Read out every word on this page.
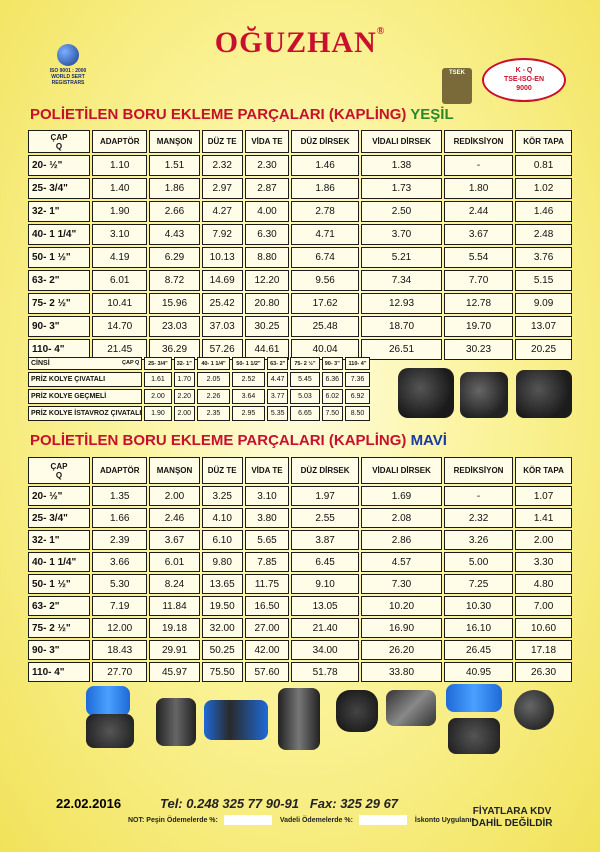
OĞUZHAN®
ISO 9001 : 2000
WORLD SERT
REGISTRARS
TSEK	K - Q
TSE-ISO-EN
9000
POLİETİLEN BORU EKLEME PARÇALARI (KAPLİNG) YEŞİL
ÇAP
Q	ADAPTÖR	MANŞON	DÜZ TE	VİDA TE	DÜZ DİRSEK	VİDALI DİRSEK	REDİKSİYON	KÖR TAPA
20- ½"	1.10	1.51	2.32	2.30	1.46	1.38	-	0.81
25- 3/4"	1.40	1.86	2.97	2.87	1.86	1.73	1.80	1.02
32- 1"	1.90	2.66	4.27	4.00	2.78	2.50	2.44	1.46
40- 1 1/4"	3.10	4.43	7.92	6.30	4.71	3.70	3.67	2.48
50- 1 ½"	4.19	6.29	10.13	8.80	6.74	5.21	5.54	3.76
63- 2"	6.01	8.72	14.69	12.20	9.56	7.34	7.70	5.15
75- 2 ½"	10.41	15.96	25.42	20.80	17.62	12.93	12.78	9.09
90- 3"	14.70	23.03	37.03	30.25	25.48	18.70	19.70	13.07
110- 4"	21.45	36.29	57.26	44.61	40.04	26.51	30.23	20.25
CİNSİ ÇAP Q	25- 3/4"	32- 1"	40- 1 1/4"	50- 1 1/2"	63- 2"	75- 2 ½"	90- 3"	110- 4"
PRİZ KOLYE ÇIVATALI	1.61	1.70	2.05	2.52	4.47	5.45	6.36	7.36
PRİZ KOLYE GEÇMELİ	2.00	2.20	2.26	3.64	3.77	5.03	6.02	6.92
PRİZ KOLYE İSTAVROZ ÇIVATALI	1.90	2.00	2.35	2.95	5.35	6.65	7.50	8.50
POLİETİLEN BORU EKLEME PARÇALARI (KAPLİNG) MAVİ
ÇAP
Q	ADAPTÖR	MANŞON	DÜZ TE	VİDA TE	DÜZ DİRSEK	VİDALI DİRSEK	REDİKSİYON	KÖR TAPA
20- ½"	1.35	2.00	3.25	3.10	1.97	1.69	-	1.07
25- 3/4"	1.66	2.46	4.10	3.80	2.55	2.08	2.32	1.41
32- 1"	2.39	3.67	6.10	5.65	3.87	2.86	3.26	2.00
40- 1 1/4"	3.66	6.01	9.80	7.85	6.45	4.57	5.00	3.30
50- 1 ½"	5.30	8.24	13.65	11.75	9.10	7.30	7.25	4.80
63- 2"	7.19	11.84	19.50	16.50	13.05	10.20	10.30	7.00
75- 2 ½"	12.00	19.18	32.00	27.00	21.40	16.90	16.10	10.60
90- 3"	18.43	29.91	50.25	42.00	34.00	26.20	26.45	17.18
110- 4"	27.70	45.97	75.50	57.60	51.78	33.80	40.95	26.30
22.02.2016	Tel: 0.248 325 77 90-91 Fax: 325 29 67
NOT: Peşin Ödemelerde %:	Vadeli Ödemelerde %:	İskonto Uygulanır
FİYATLARA KDV
DAHİL DEĞİLDİR
